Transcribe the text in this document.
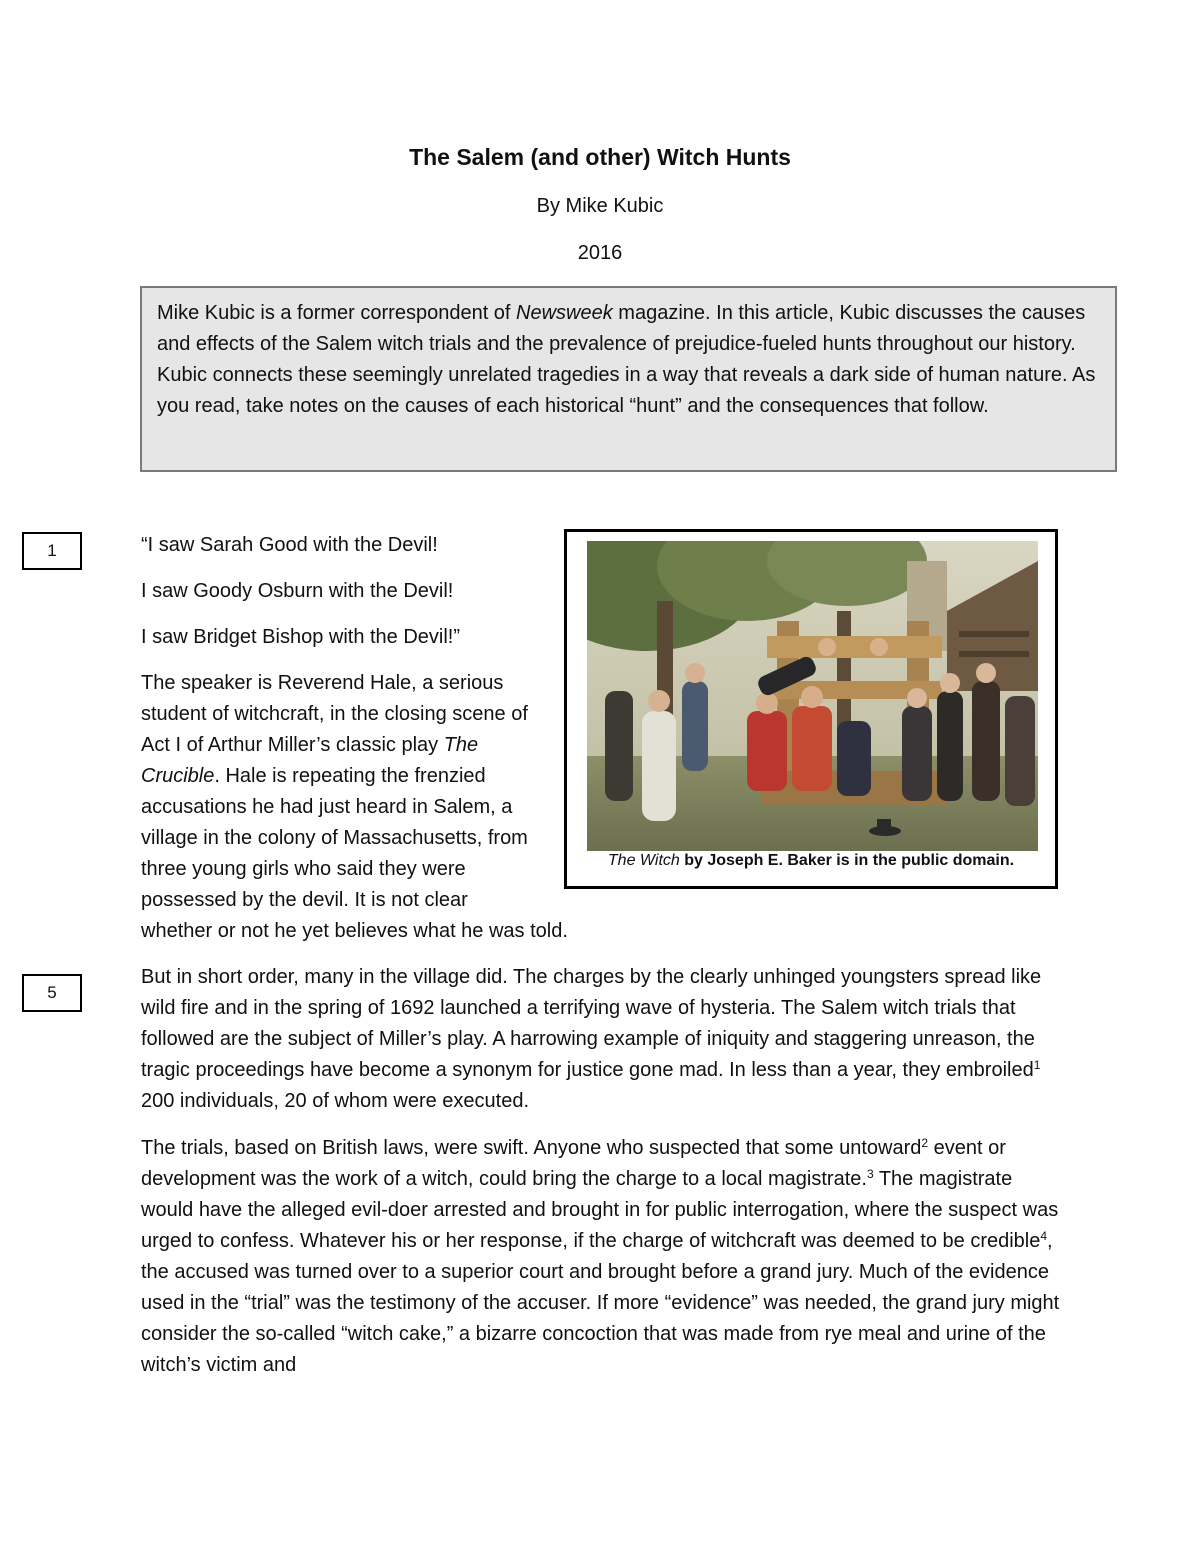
The Salem (and other) Witch Hunts
By Mike Kubic
2016
Mike Kubic is a former correspondent of Newsweek magazine. In this article, Kubic discusses the causes and effects of the Salem witch trials and the prevalence of prejudice-fueled hunts throughout our history. Kubic connects these seemingly unrelated tragedies in a way that reveals a dark side of human nature. As you read, take notes on the causes of each historical “hunt” and the consequences that follow.
1
5
“I saw Sarah Good with the Devil!
I saw Goody Osburn with the Devil!
I saw Bridget Bishop with the Devil!”
The speaker is Reverend Hale, a serious student of witchcraft, in the closing scene of Act I of Arthur Miller’s classic play The Crucible. Hale is repeating the frenzied accusations he had just heard in Salem, a village in the colony of Massachusetts, from three young girls who said they were possessed by the devil. It is not clear
whether or not he yet believes what he was told.
But in short order, many in the village did. The charges by the clearly unhinged youngsters spread like wild fire and in the spring of 1692 launched a terrifying wave of hysteria. The Salem witch trials that followed are the subject of Miller’s play. A harrowing example of iniquity and staggering unreason, the tragic proceedings have become a synonym for justice gone mad. In less than a year, they embroiled$^1$ 200 individuals, 20 of whom were executed.
The trials, based on British laws, were swift. Anyone who suspected that some untoward$^2$ event or development was the work of a witch, could bring the charge to a local magistrate.$^3$ The magistrate would have the alleged evil-doer arrested and brought in for public interrogation, where the suspect was urged to confess. Whatever his or her response, if the charge of witchcraft was deemed to be credible$^4$, the accused was turned over to a superior court and brought before a grand jury. Much of the evidence used in the “trial” was the testimony of the accuser. If more “evidence” was needed, the grand jury might consider the so-called “witch cake,” a bizarre concoction that was made from rye meal and urine of the witch’s victim and
The Witch by Joseph E. Baker is in the public domain.
